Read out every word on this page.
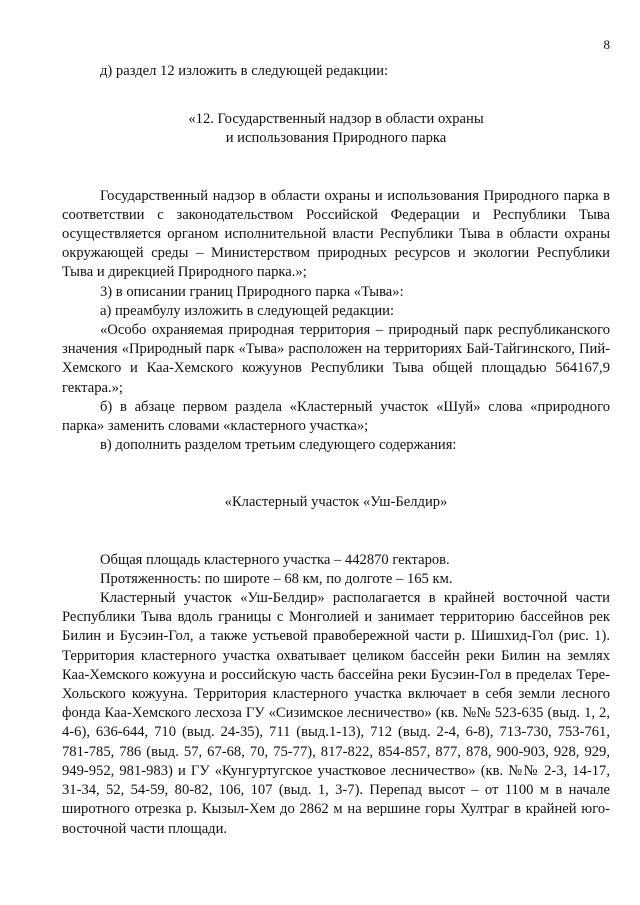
8

д) раздел 12 изложить в следующей редакции:

«12. Государственный надзор в области охраны
и использования Природного парка

Государственный надзор в области охраны и использования Природного парка в соответствии с законодательством Российской Федерации и Республики Тыва осуществляется органом исполнительной власти Республики Тыва в области охраны окружающей среды – Министерством природных ресурсов и экологии Республики Тыва и дирекцией Природного парка.»;

3) в описании границ Природного парка «Тыва»:

а) преамбулу изложить в следующей редакции:

«Особо охраняемая природная территория – природный парк республиканского значения «Природный парк «Тыва» расположен на территориях Бай-Тайгинского, Пий-Хемского и Каа-Хемского кожуунов Республики Тыва общей площадью 564167,9 гектара.»;

б) в абзаце первом раздела «Кластерный участок «Шуй» слова «природного парка» заменить словами «кластерного участка»;

в) дополнить разделом третьим следующего содержания:

«Кластерный участок «Уш-Белдир»

Общая площадь кластерного участка – 442870 гектаров.

Протяженность: по широте – 68 км, по долготе – 165 км.

Кластерный участок «Уш-Белдир» располагается в крайней восточной части Республики Тыва вдоль границы с Монголией и занимает территорию бассейнов рек Билин и Бусэин-Гол, а также устьевой правобережной части р. Шишхид-Гол (рис. 1). Территория кластерного участка охватывает целиком бассейн реки Билин на землях Каа-Хемского кожууна и российскую часть бассейна реки Бусэин-Гол в пределах Тере-Хольского кожууна. Территория кластерного участка включает в себя земли лесного фонда Каа-Хемского лесхоза ГУ «Сизимское лесничество» (кв. №№ 523-635 (выд. 1, 2, 4-6), 636-644, 710 (выд. 24-35), 711 (выд.1-13), 712 (выд. 2-4, 6-8), 713-730, 753-761, 781-785, 786 (выд. 57, 67-68, 70, 75-77), 817-822, 854-857, 877, 878, 900-903, 928, 929, 949-952, 981-983) и ГУ «Кунгуртугское участковое лесничество» (кв. №№ 2-3, 14-17, 31-34, 52, 54-59, 80-82, 106, 107 (выд. 1, 3-7). Перепад высот – от 1100 м в начале широтного отрезка р. Кызыл-Хем до 2862 м на вершине горы Хултраг в крайней юго-восточной части площади.
